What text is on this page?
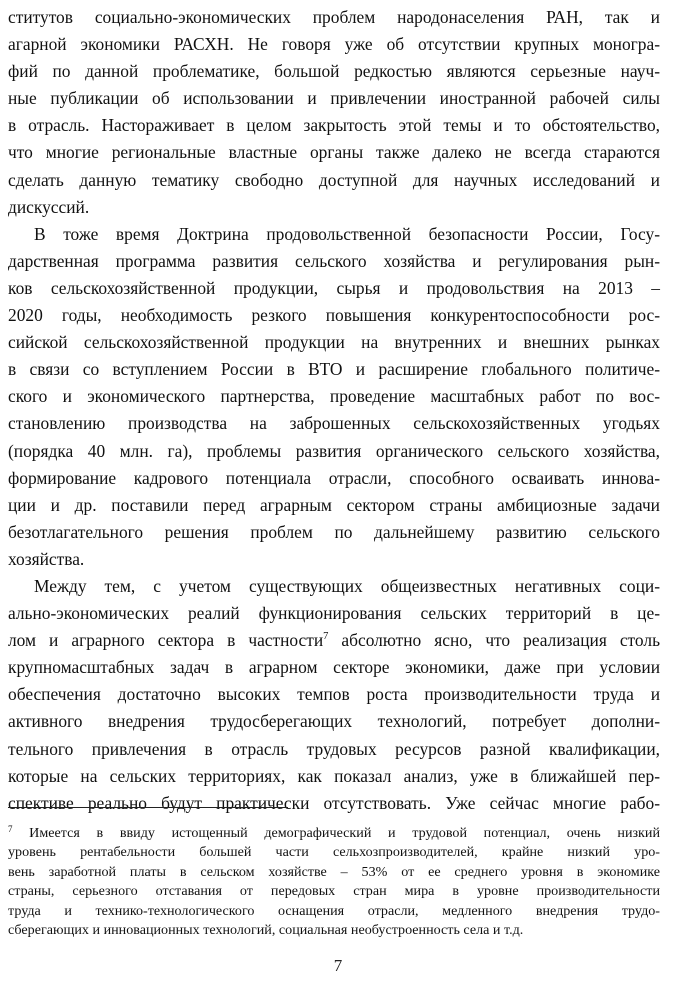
ститутов социально-экономических проблем народонаселения РАН, так и
агарной экономики РАСХН. Не говоря уже об отсутствии крупных моногра-
фий по данной проблематике, большой редкостью являются серьезные науч-
ные публикации об использовании и привлечении иностранной рабочей силы
в отрасль. Настораживает в целом закрытость этой темы и то обстоятельство,
что многие региональные властные органы также далеко не всегда стараются
сделать данную тематику свободно доступной для научных исследований и
дискуссий.
В тоже время Доктрина продовольственной безопасности России, Госу-
дарственная программа развития сельского хозяйства и регулирования рын-
ков сельскохозяйственной продукции, сырья и продовольствия на 2013 –
2020 годы, необходимость резкого повышения конкурентоспособности рос-
сийской сельскохозяйственной продукции на внутренних и внешних рынках
в связи со вступлением России в ВТО и расширение глобального политиче-
ского и экономического партнерства, проведение масштабных работ по вос-
становлению производства на заброшенных сельскохозяйственных угодьях
(порядка 40 млн. га), проблемы развития органического сельского хозяйства,
формирование кадрового потенциала отрасли, способного осваивать иннова-
ции и др. поставили перед аграрным сектором страны амбициозные задачи
безотлагательного решения проблем по дальнейшему развитию сельского
хозяйства.
Между тем, с учетом существующих общеизвестных негативных соци-
ально-экономических реалий функционирования сельских территорий в це-
лом и аграрного сектора в частности$^7$ абсолютно ясно, что реализация столь
крупномасштабных задач в аграрном секторе экономики, даже при условии
обеспечения достаточно высоких темпов роста производительности труда и
активного внедрения трудосберегающих технологий, потребует дополни-
тельного привлечения в отрасль трудовых ресурсов разной квалификации,
которые на сельских территориях, как показал анализ, уже в ближайшей пер-
спективе реально будут практически отсутствовать. Уже сейчас многие рабо-
$^7$ Имеется в ввиду истощенный демографический и трудовой потенциал, очень низкий
уровень рентабельности большей части сельхозпроизводителей, крайне низкий уро-
вень заработной платы в сельском хозяйстве – 53% от ее среднего уровня в экономике
страны, серьезного отставания от передовых стран мира в уровне производительности
труда и технико-технологического оснащения отрасли, медленного внедрения трудо-
сберегающих и инновационных технологий, социальная необустроенность села и т.д.
7
